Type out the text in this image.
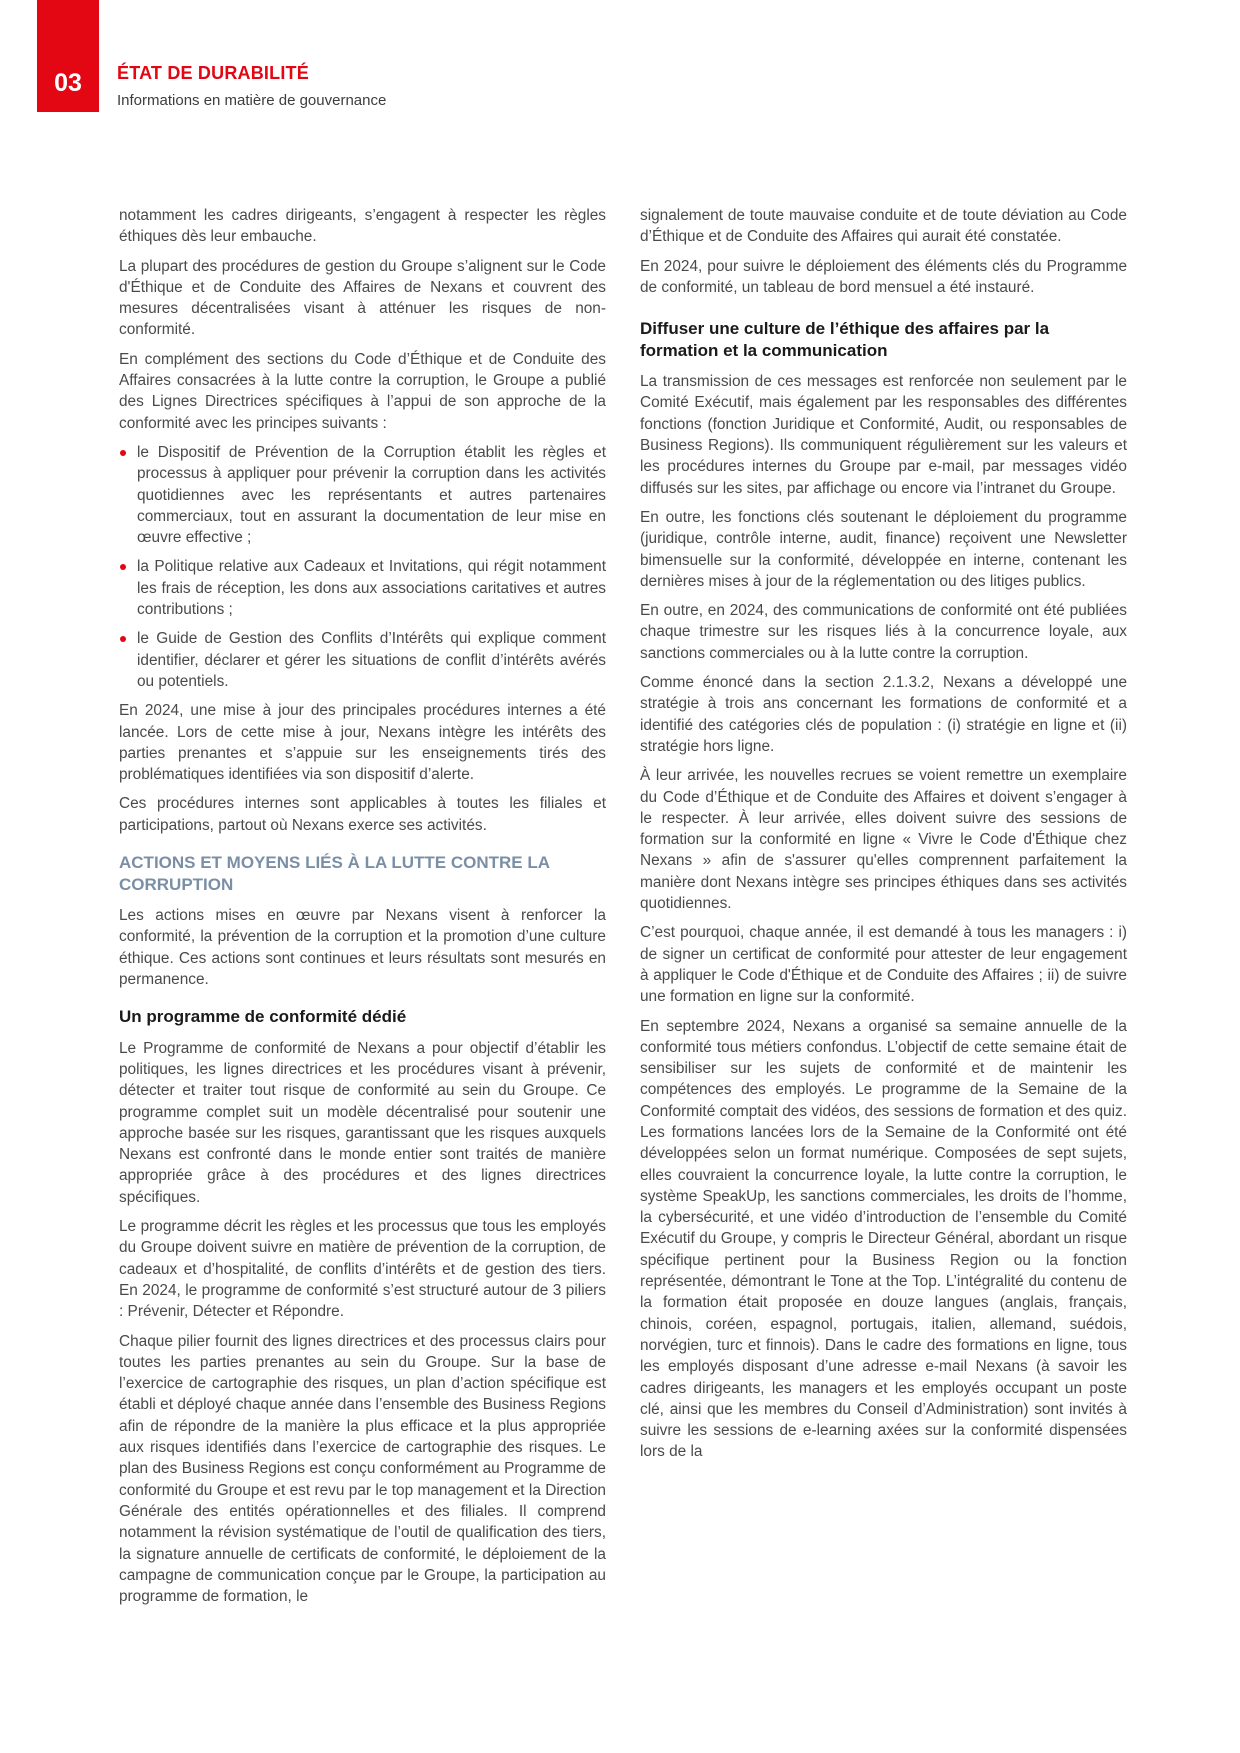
03	ÉTAT DE DURABILITÉ
Informations en matière de gouvernance

notamment les cadres dirigeants, s’engagent à respecter les règles éthiques dès leur embauche.

La plupart des procédures de gestion du Groupe s’alignent sur le Code d'Éthique et de Conduite des Affaires de Nexans et couvrent des mesures décentralisées visant à atténuer les risques de non-conformité.

En complément des sections du Code d’Éthique et de Conduite des Affaires consacrées à la lutte contre la corruption, le Groupe a publié des Lignes Directrices spécifiques à l’appui de son approche de la conformité avec les principes suivants :

le Dispositif de Prévention de la Corruption établit les règles et processus à appliquer pour prévenir la corruption dans les activités quotidiennes avec les représentants et autres partenaires commerciaux, tout en assurant la documentation de leur mise en œuvre effective ;
la Politique relative aux Cadeaux et Invitations, qui régit notamment les frais de réception, les dons aux associations caritatives et autres contributions ;
le Guide de Gestion des Conflits d’Intérêts qui explique comment identifier, déclarer et gérer les situations de conflit d’intérêts avérés ou potentiels.

En 2024, une mise à jour des principales procédures internes a été lancée. Lors de cette mise à jour, Nexans intègre les intérêts des parties prenantes et s’appuie sur les enseignements tirés des problématiques identifiées via son dispositif d’alerte.

Ces procédures internes sont applicables à toutes les filiales et participations, partout où Nexans exerce ses activités.

ACTIONS ET MOYENS LIÉS À LA LUTTE CONTRE LA CORRUPTION

Les actions mises en œuvre par Nexans visent à renforcer la conformité, la prévention de la corruption et la promotion d’une culture éthique. Ces actions sont continues et leurs résultats sont mesurés en permanence.

Un programme de conformité dédié

Le Programme de conformité de Nexans a pour objectif d’établir les politiques, les lignes directrices et les procédures visant à prévenir, détecter et traiter tout risque de conformité au sein du Groupe. Ce programme complet suit un modèle décentralisé pour soutenir une approche basée sur les risques, garantissant que les risques auxquels Nexans est confronté dans le monde entier sont traités de manière appropriée grâce à des procédures et des lignes directrices spécifiques.

Le programme décrit les règles et les processus que tous les employés du Groupe doivent suivre en matière de prévention de la corruption, de cadeaux et d’hospitalité, de conflits d’intérêts et de gestion des tiers. En 2024, le programme de conformité s’est structuré autour de 3 piliers : Prévenir, Détecter et Répondre.

Chaque pilier fournit des lignes directrices et des processus clairs pour toutes les parties prenantes au sein du Groupe. Sur la base de l’exercice de cartographie des risques, un plan d’action spécifique est établi et déployé chaque année dans l’ensemble des Business Regions afin de répondre de la manière la plus efficace et la plus appropriée aux risques identifiés dans l’exercice de cartographie des risques. Le plan des Business Regions est conçu conformément au Programme de conformité du Groupe et est revu par le top management et la Direction Générale des entités opérationnelles et des filiales. Il comprend notamment la révision systématique de l’outil de qualification des tiers, la signature annuelle de certificats de conformité, le déploiement de la campagne de communication conçue par le Groupe, la participation au programme de formation, le

signalement de toute mauvaise conduite et de toute déviation au Code d’Éthique et de Conduite des Affaires qui aurait été constatée.

En 2024, pour suivre le déploiement des éléments clés du Programme de conformité, un tableau de bord mensuel a été instauré.

Diffuser une culture de l’éthique des affaires par la formation et la communication

La transmission de ces messages est renforcée non seulement par le Comité Exécutif, mais également par les responsables des différentes fonctions (fonction Juridique et Conformité, Audit, ou responsables de Business Regions). Ils communiquent régulièrement sur les valeurs et les procédures internes du Groupe par e-mail, par messages vidéo diffusés sur les sites, par affichage ou encore via l’intranet du Groupe.

En outre, les fonctions clés soutenant le déploiement du programme (juridique, contrôle interne, audit, finance) reçoivent une Newsletter bimensuelle sur la conformité, développée en interne, contenant les dernières mises à jour de la réglementation ou des litiges publics.

En outre, en 2024, des communications de conformité ont été publiées chaque trimestre sur les risques liés à la concurrence loyale, aux sanctions commerciales ou à la lutte contre la corruption.

Comme énoncé dans la section 2.1.3.2, Nexans a développé une stratégie à trois ans concernant les formations de conformité et a identifié des catégories clés de population : (i) stratégie en ligne et (ii) stratégie hors ligne.

À leur arrivée, les nouvelles recrues se voient remettre un exemplaire du Code d’Éthique et de Conduite des Affaires et doivent s’engager à le respecter. À leur arrivée, elles doivent suivre des sessions de formation sur la conformité en ligne « Vivre le Code d'Éthique chez Nexans » afin de s'assurer qu'elles comprennent parfaitement la manière dont Nexans intègre ses principes éthiques dans ses activités quotidiennes.

C’est pourquoi, chaque année, il est demandé à tous les managers : i) de signer un certificat de conformité pour attester de leur engagement à appliquer le Code d'Éthique et de Conduite des Affaires ; ii) de suivre une formation en ligne sur la conformité.

En septembre 2024, Nexans a organisé sa semaine annuelle de la conformité tous métiers confondus. L’objectif de cette semaine était de sensibiliser sur les sujets de conformité et de maintenir les compétences des employés. Le programme de la Semaine de la Conformité comptait des vidéos, des sessions de formation et des quiz. Les formations lancées lors de la Semaine de la Conformité ont été développées selon un format numérique. Composées de sept sujets, elles couvraient la concurrence loyale, la lutte contre la corruption, le système SpeakUp, les sanctions commerciales, les droits de l’homme, la cybersécurité, et une vidéo d’introduction de l’ensemble du Comité Exécutif du Groupe, y compris le Directeur Général, abordant un risque spécifique pertinent pour la Business Region ou la fonction représentée, démontrant le Tone at the Top. L’intégralité du contenu de la formation était proposée en douze langues (anglais, français, chinois, coréen, espagnol, portugais, italien, allemand, suédois, norvégien, turc et finnois). Dans le cadre des formations en ligne, tous les employés disposant d’une adresse e-mail Nexans (à savoir les cadres dirigeants, les managers et les employés occupant un poste clé, ainsi que les membres du Conseil d’Administration) sont invités à suivre les sessions de e-learning axées sur la conformité dispensées lors de la
